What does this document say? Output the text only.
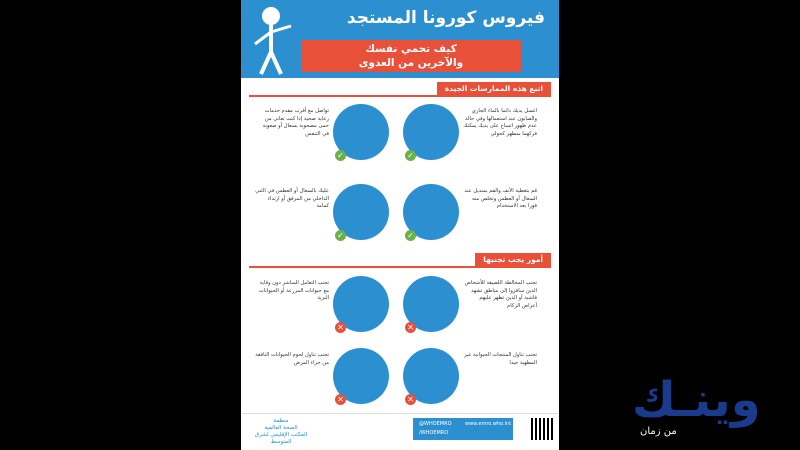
فيروس كورونا المستجد
كيف تحمي نفسك
والآخرين من العدوى
اتبع هذه الممارسات الجيدة
✓
اغسل يديك دائما بالماء الجاري والصابون عند استعمالها وفي حالة عدم ظهور اتساخ على يديك يمكنك فركهما بمطهر كحولي
✓
تواصل مع أقرب مقدم خدمات رعاية صحية إذا كنت تعاني من حمى مصحوبة بسعال أو صعوبة في التنفس
✓
قم بتغطية الأنف والفم بمنديل عند السعال أو العطس وتخلص منه فورا بعد الاستخدام
✓
عليك بالسعال أو العطس في الثني الداخلي من المرفق أو ارتداء كمامة
أمور يجب تجنبها
✕
تجنب المخالطة اللصيقة للأشخاص الذين سافروا إلى مناطق تشهد فاشية أو الذين تظهر عليهم أعراض الزكام
✕
تجنب التعامل المباشر دون وقاية مع حيوانات المزرعة أو الحيوانات البرية
✕
تجنب تناول المنتجات الحيوانية غير المطهية جيدا
✕
تجنب تناول لحوم الحيوانات النافقة من جراء المرض
منظمة
الصحة العالمية
المكتب الإقليمي لشرق المتوسط
@WHOEMRO
/WHOEMRO
www.emro.who.int	وينـك
من زمان
